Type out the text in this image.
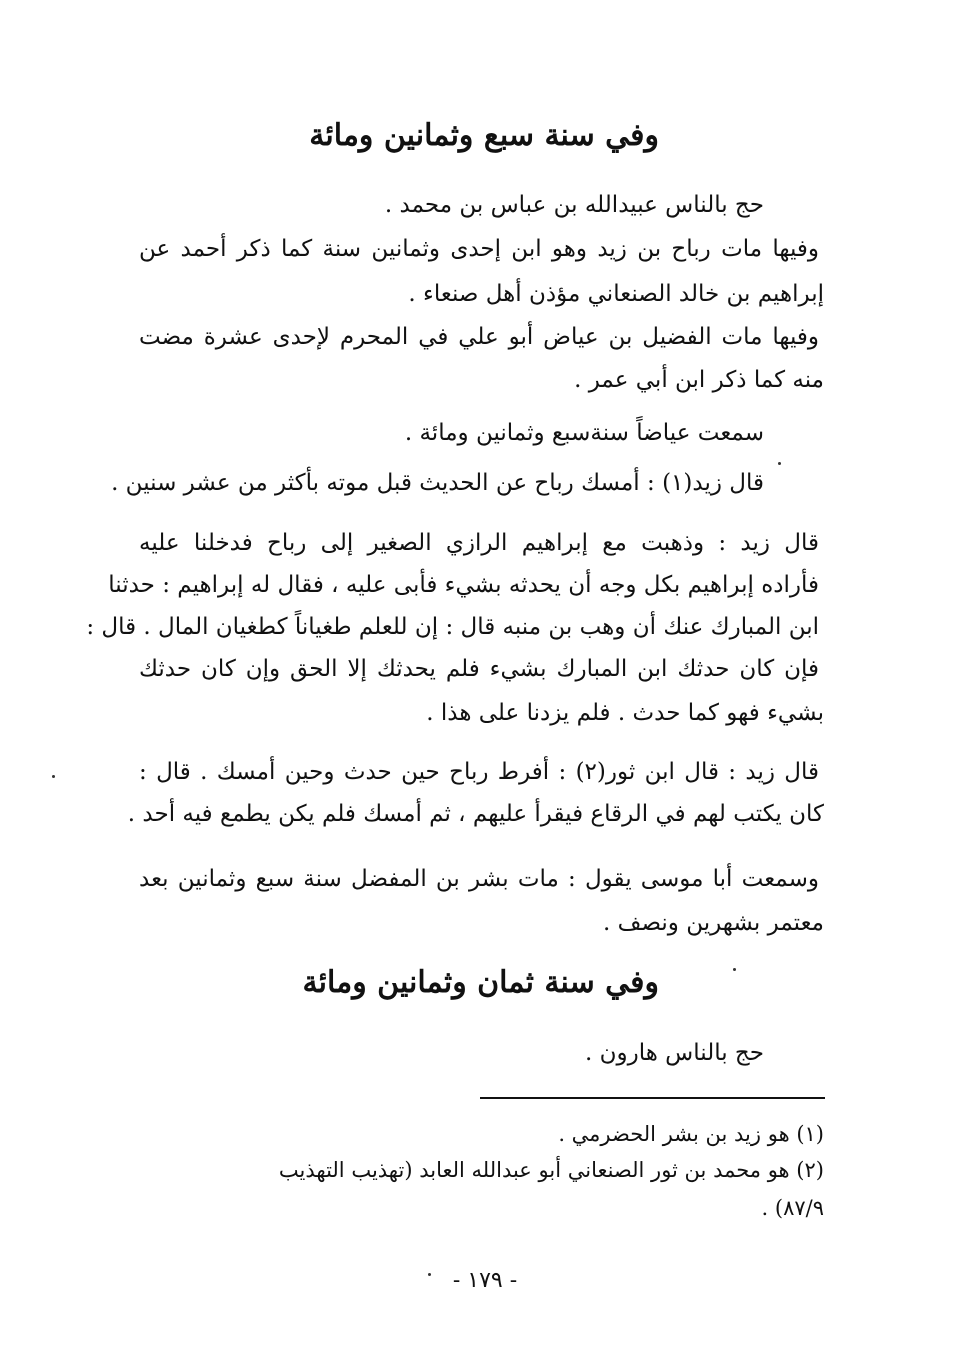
وفي سنة سبع وثمانين ومائة
حج بالناس عبيدالله بن عباس بن محمد .
وفيها مات رباح بن زيد وهو ابن إحدى وثمانين سنة كما ذكر أحمد عن
إبراهيم بن خالد الصنعاني مؤذن أهل صنعاء .
وفيها مات الفضيل بن عياض أبو علي في المحرم لإحدى عشرة مضت
منه كما ذكر ابن أبي عمر .
سمعت عياضاً سنةسبع وثمانين ومائة .
قال زيد(١) : أمسك رباح عن الحديث قبل موته بأكثر من عشر سنين .
قال زيد : وذهبت مع إبراهيم الرازي الصغير إلى رباح فدخلنا عليه
فأراده إبراهيم بكل وجه أن يحدثه بشيء فأبى عليه ، فقال له إبراهيم : حدثنا
ابن المبارك عنك أن وهب بن منبه قال : إن للعلم طغياناً كطغيان المال . قال :
فإن كان حدثك ابن المبارك بشيء فلم يحدثك إلا الحق وإن كان حدثك
بشيء فهو كما حدث . فلم يزدنا على هذا .
قال زيد : قال ابن ثور(٢) : أفرط رباح حين حدث وحين أمسك . قال :
كان يكتب لهم في الرقاع فيقرأ عليهم ، ثم أمسك فلم يكن يطمع فيه أحد .
وسمعت أبا موسى يقول : مات بشر بن المفضل سنة سبع وثمانين بعد
معتمر بشهرين ونصف .
وفي سنة ثمان وثمانين ومائة
حج بالناس هارون .
(١) هو زيد بن بشر الحضرمي .
(٢) هو محمد بن ثور الصنعاني أبو عبدالله العابد (تهذيب التهذيب
٨٧/٩) .
- ١٧٩ -
